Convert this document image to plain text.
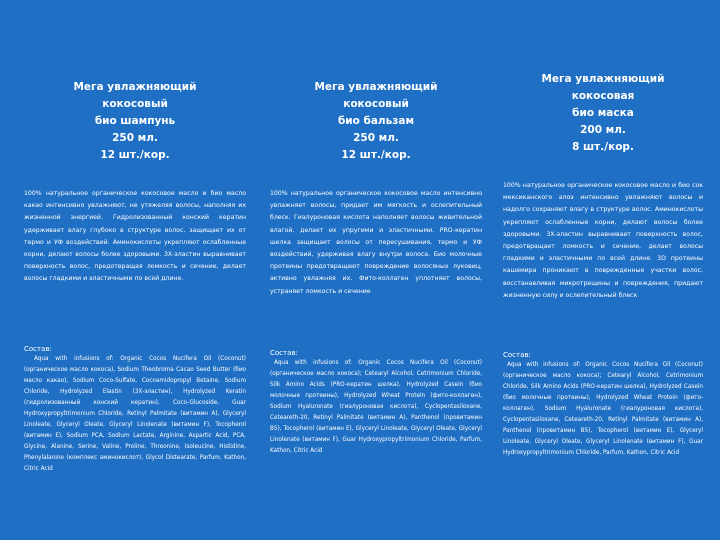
Мега увлажняющий
кокосовый
био шампунь
250 мл.
12 шт./кор.
100% натуральное органическое кокосовое масло и био масло какао интенсивно увлажняют, не утяжеляя волосы, наполняя их жизненной энергией. Гидролизованный конский кератин удерживает влагу глубоко в структуре волос, защищает их от термо и УФ воздействий. Аминокислоты укрепляют ослабленные корни, делают волосы более здоровыми. 3Х-эластин выравнивает поверхность волос, предотвращая ломкость и сечение, делает волосы гладкими и эластичными по всей длине.
Состав:
Aqua with infusions of: Organic Cocos Nucifera Oil (Coconut) (органическое масло кокоса), Sodium Theobroma Cacao Seed Butter (био масло какао), Sodium Coco-Sulfate, Cocoamidopropyl Betaine, Sodium Chloride, Hydrolyzed Elastin (3Х-эластин), Hydrolyzed Keratin (гидролизованный конский кератин), Coco-Glucoside, Guar Hydroxypropyltrimonium Chloride, Retinyl Palmitate (витамин А), Glyceryl Linoleate, Glyceryl Oleate, Glyceryl Linolenate (витамин F), Tocopherol (витамин Е), Sodium PCA, Sodium Lactate, Arginine, Aspartic Acid, PCA, Glycine, Alanine, Serine, Valine, Proline, Threonine, Isoleucine, Histidine, Phenylalanine (комплекс аминокислот), Glycol Distearate, Parfum, Kathon, Citric Acid
Мега увлажняющий
кокосовый
био бальзам
250 мл.
12 шт./кор.
100% натуральное органическое кокосовое масло интенсивно увлажняет волосы, придает им мягкость и ослепительный блеск. Гиалуроновая кислота наполняет волосы живительной влагой, делает их упругими и эластичными. PRO-кератин шелка защищает волосы от пересушивания, термо и УФ воздействий, удерживая влагу внутри волоса. Био молочные протеины предотвращают повреждение волосяных луковиц, активно увлажняя их. Фито-коллаген уплотняет волосы, устраняет ломкость и сечение
Состав:
Aqua with infusions of: Organic Cocos Nucifera Oil (Coconut) (органическое масло кокоса); Cetearyl Alcohol, Cetrimonium Chloride, Silk Amino Acids (PRO-кератин шелка), Hydrolyzed Casein (био молочные протеины), Hydrolyzed Wheat Protein (фито-коллаген), Sodium Hyaluronate (гиалуроновая кислота), Cyclopentasiloxane, Ceteareth-20, Retinyl Palmitate (витамин А), Panthenol (провитамин В5), Tocopherol (витамин Е), Glyceryl Linoleate, Glyceryl Oleate, Glyceryl Linolenate (витамин F), Guar Hydroxypropyltrimonium Chloride, Parfum, Kathon, Citric Acid
Мега увлажняющий
кокосовая
био маска
200 мл.
8 шт./кор.
100% натуральное органическое кокосовое масло и био сок мексиканского алоэ интенсивно увлажняют волосы и надолго сохраняют влагу в структуре волос. Аминокислоты укрепляют ослабленные корни, делают волосы более здоровыми. 3Х-эластин выравнивает поверхность волос, предотвращает ломкость и сечение, делает волосы гладкими и эластичными по всей длине. 3D протеины кашемира проникают в поврежденные участки волос, восстанавливая микротрещины и повреждения, придают жизненную силу и ослепительный блеск
Состав:
Aqua with infusions of: Organic Cocos Nucifera Oil (Coconut) (органическое масло кокоса); Cetearyl Alcohol, Cetrimonium Chloride, Silk Amino Acids (PRO-кератин шелка), Hydrolyzed Casein (био молочные протеины), Hydrolyzed Wheat Protein (фито-коллаген), Sodium Hyaluronate (гиалуроновая кислота), Cyclopentasiloxane, Ceteareth-20, Retinyl Palmitate (витамин А), Panthenol (провитамин В5), Tocopherol (витамин Е), Glyceryl Linoleate, Glyceryl Oleate, Glyceryl Linolenate (витамин F), Guar Hydroxypropyltrimonium Chloride, Parfum, Kathon, Citric Acid
